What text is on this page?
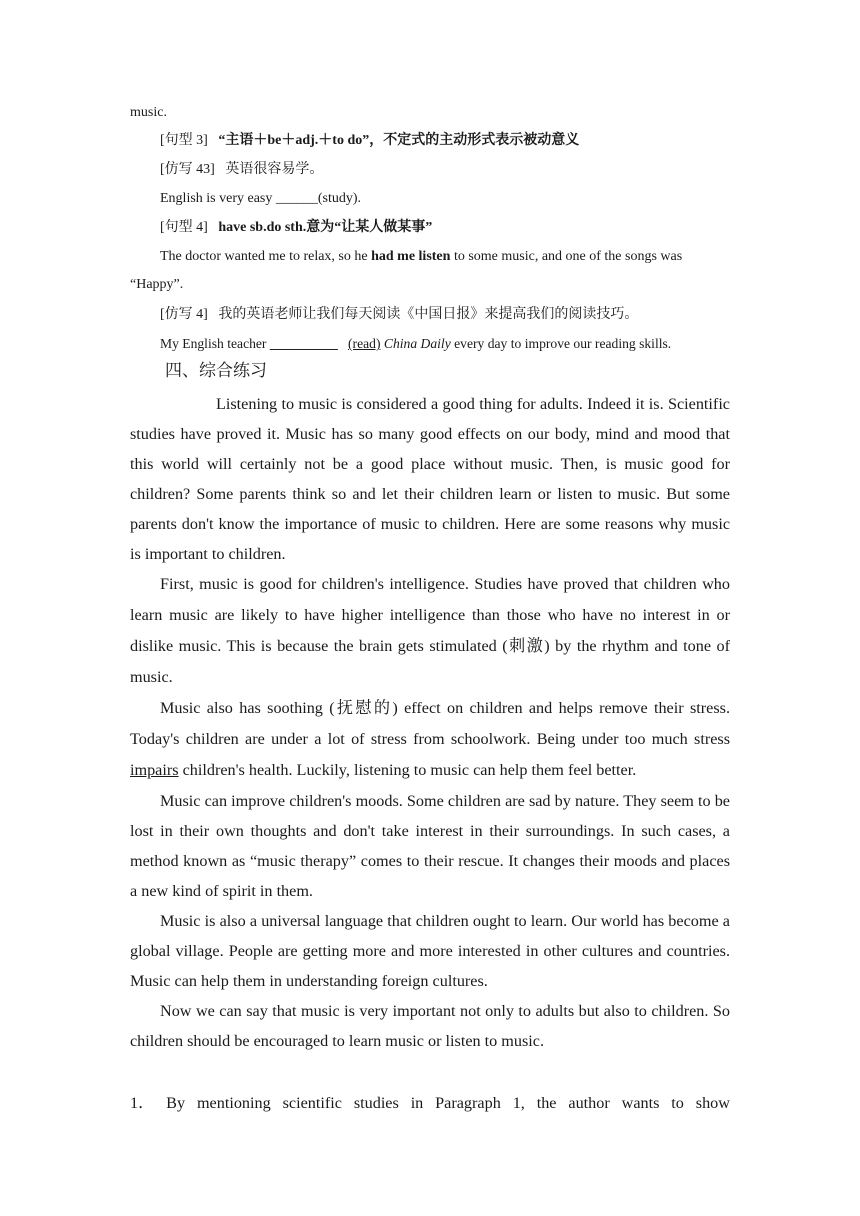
music.
[句型 3] “主语＋be＋adj.＋to do”，不定式的主动形式表示被动意义
[仿写 43] 英语很容易学。
English is very easy ______(study).
[句型 4] have sb.do sth.意为“让某人做某事”
The doctor wanted me to relax, so he had me listen to some music, and one of the songs was
“Happy”.
[仿写 4] 我的英语老师让我们每天阅读《中国日报》来提高我们的阅读技巧。
My English teacher __________ (read) China Daily every day to improve our reading skills.
四、综合练习

Listening to music is considered a good thing for adults. Indeed it is. Scientific studies have proved it. Music has so many good effects on our body, mind and mood that this world will certainly not be a good place without music. Then, is music good for children? Some parents think so and let their children learn or listen to music. But some parents don't know the importance of music to children. Here are some reasons why music is important to children.

First, music is good for children's intelligence. Studies have proved that children who learn music are likely to have higher intelligence than those who have no interest in or dislike music. This is because the brain gets stimulated (刺激) by the rhythm and tone of music.

Music also has soothing (抚慰的) effect on children and helps remove their stress. Today's children are under a lot of stress from schoolwork. Being under too much stress impairs children's health. Luckily, listening to music can help them feel better.

Music can improve children's moods. Some children are sad by nature. They seem to be lost in their own thoughts and don't take interest in their surroundings. In such cases, a method known as “music therapy” comes to their rescue. It changes their moods and places a new kind of spirit in them.

Music is also a universal language that children ought to learn. Our world has become a global village. People are getting more and more interested in other cultures and countries. Music can help them in understanding foreign cultures.

Now we can say that music is very important not only to adults but also to children. So children should be encouraged to learn music or listen to music.

1． By mentioning scientific studies in Paragraph 1, the author wants to show
